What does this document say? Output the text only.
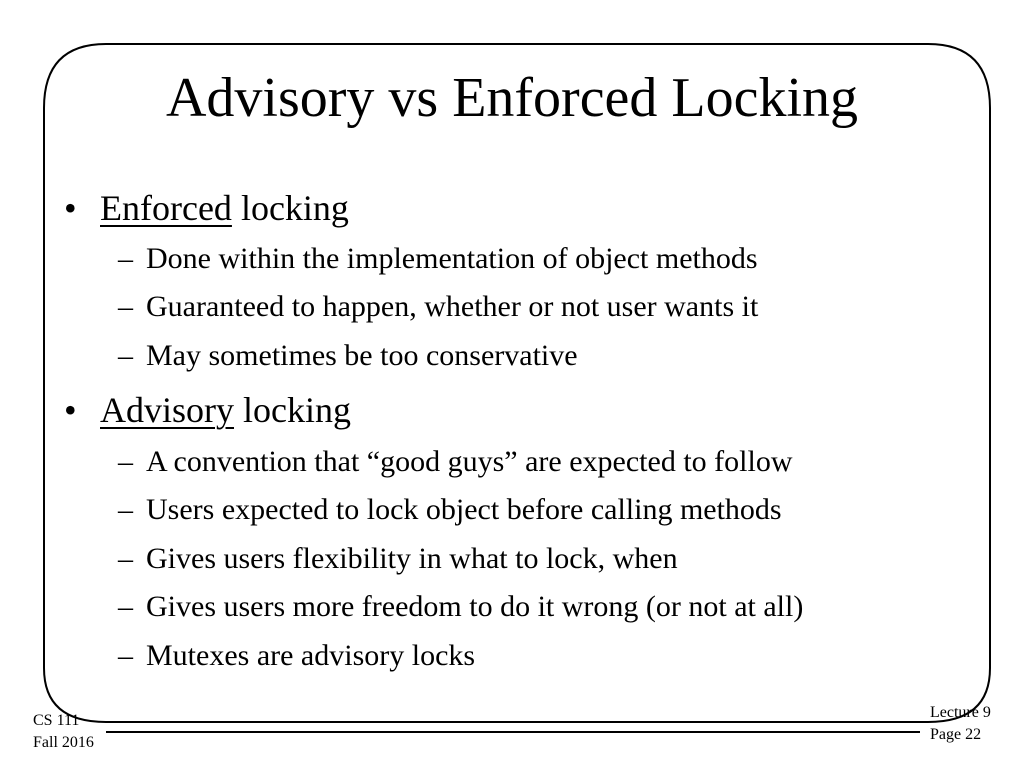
Advisory vs Enforced Locking
• Enforced locking
– Done within the implementation of object methods
– Guaranteed to happen, whether or not user wants it
– May sometimes be too conservative
• Advisory locking
– A convention that “good guys” are expected to follow
– Users expected to lock object before calling methods
– Gives users flexibility in what to lock, when
– Gives users more freedom to do it wrong (or not at all)
– Mutexes are advisory locks
CS 111
Fall 2016
Lecture 9
Page 22
